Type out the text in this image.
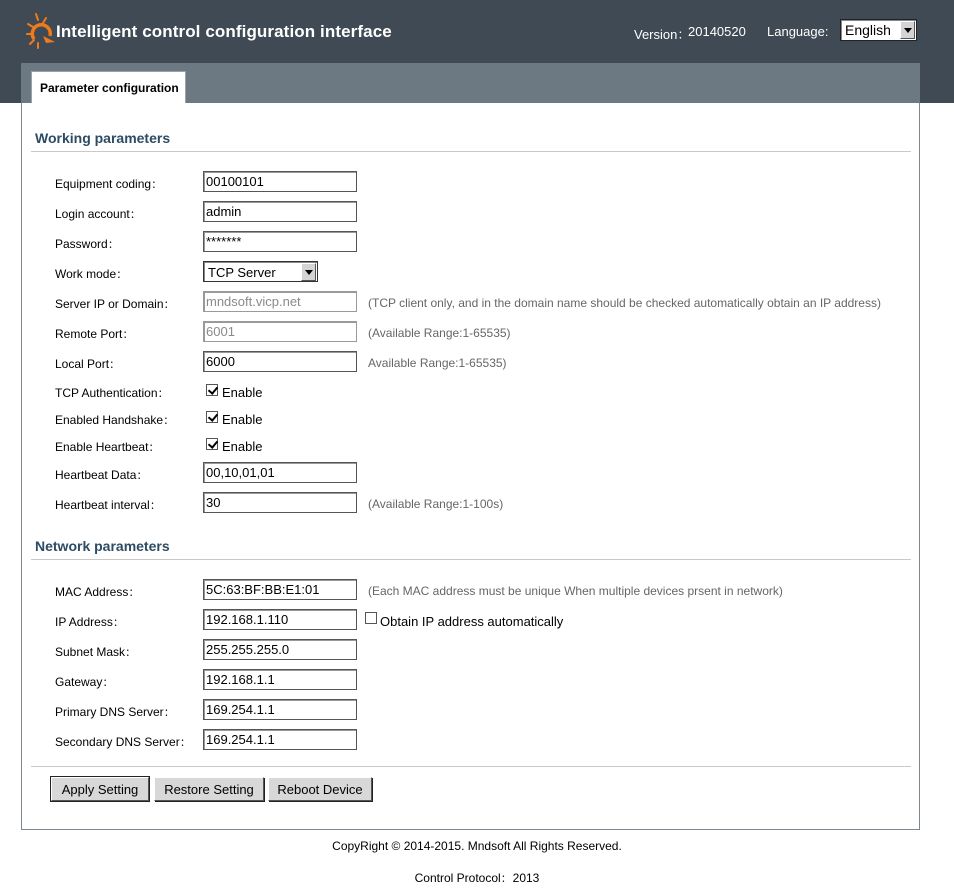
Intelligent control configuration interface	Version：
20140520 Language: English
Parameter configuration
Working parameters
Equipment coding：	00100101
Login account：	admin
Password：	*******
Work mode：	TCP Server
Server IP or Domain： mndsoft.vicp.net	(TCP client only, and in the domain name should be checked automatically obtain an IP address)
Remote Port：	6001	(Available Range:1-65535)
Local Port：	6000	Available Range:1-65535)
TCP Authentication：	Enable
Enabled Handshake：	Enable
Enable Heartbeat：	Enable
Heartbeat Data：	00,10,01,01
Heartbeat interval：	30	(Available Range:1-100s)
Network parameters
MAC Address：	5C:63:BF:BB:E1:01	(Each MAC address must be unique When multiple devices prsent in network)
IP Address：	192.168.1.110	Obtain IP address automatically
Subnet Mask：	255.255.255.0
Gateway：	192.168.1.1
Primary DNS Server： 169.254.1.1
Secondary DNS Server： 169.254.1.1
Apply Setting	Restore Setting	Reboot Device
CopyRight © 2014-2015. Mndsoft All Rights Reserved.
Control Protocol：2013
